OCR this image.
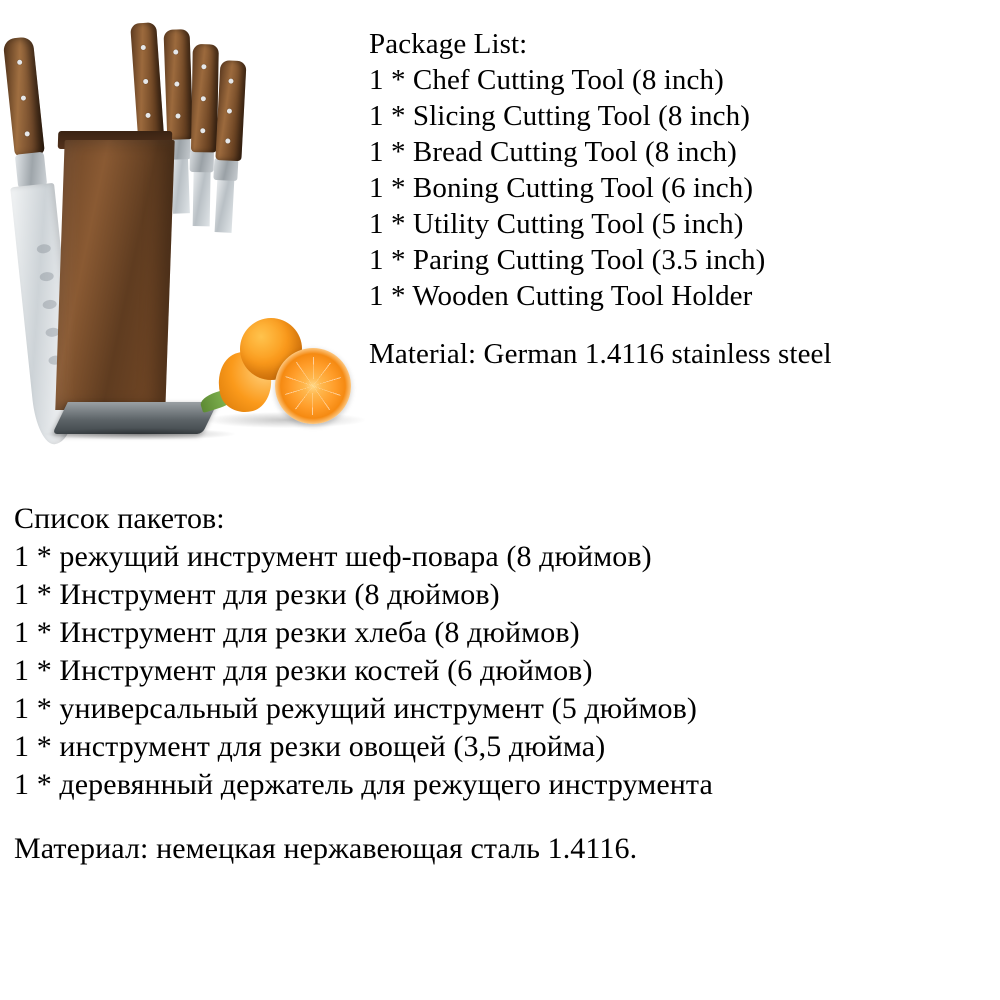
Package List:
1 * Chef Cutting Tool (8 inch)
1 * Slicing Cutting Tool (8 inch)
1 * Bread Cutting Tool (8 inch)
1 * Boning Cutting Tool (6 inch)
1 * Utility Cutting Tool (5 inch)
1 * Paring Cutting Tool (3.5 inch)
1 * Wooden Cutting Tool Holder
Material: German 1.4116 stainless steel
Список пакетов:
1 * режущий инструмент шеф-повара (8 дюймов)
1 * Инструмент для резки (8 дюймов)
1 * Инструмент для резки хлеба (8 дюймов)
1 * Инструмент для резки костей (6 дюймов)
1 * универсальный режущий инструмент (5 дюймов)
1 * инструмент для резки овощей (3,5 дюйма)
1 * деревянный держатель для режущего инструмента
Материал: немецкая нержавеющая сталь 1.4116.
